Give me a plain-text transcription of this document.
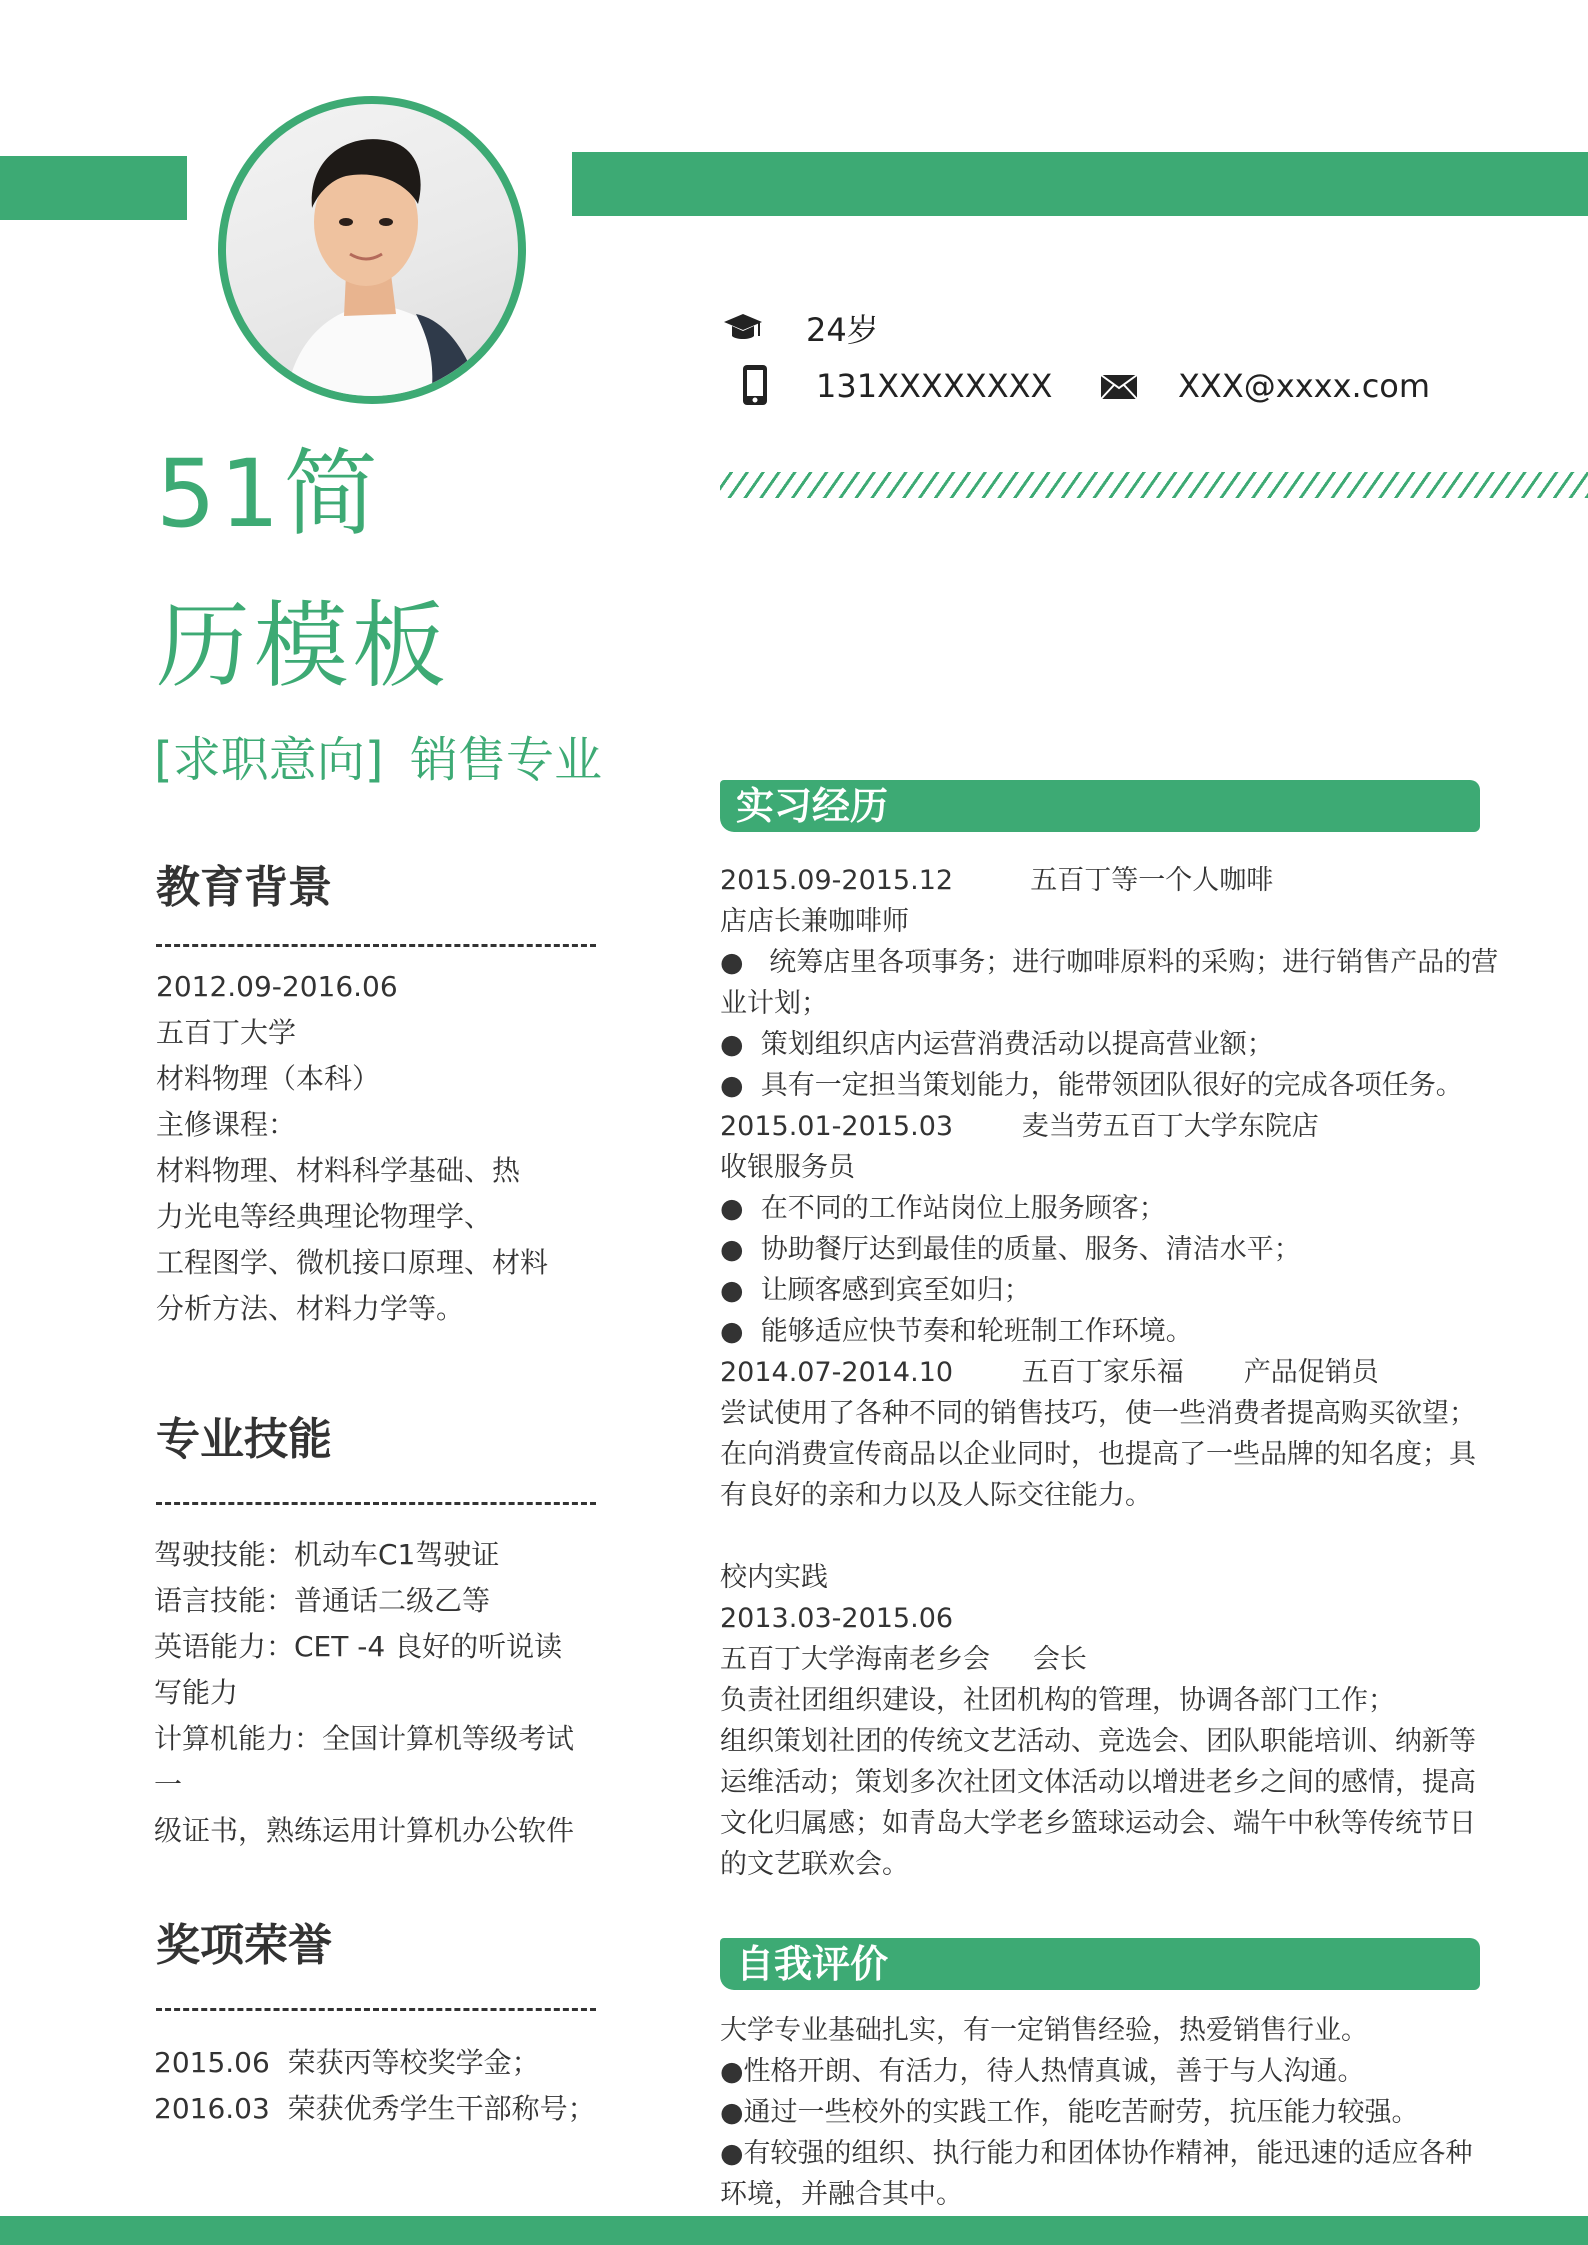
24岁
131XXXXXXXX	XXX@xxxx.com
51简
历模板
[求职意向] 销售专业
教育背景
2012.09-2016.06
五百丁大学
材料物理（本科）
主修课程：
材料物理、材料科学基础、热
力光电等经典理论物理学、
工程图学、微机接口原理、材料
分析方法、材料力学等。
专业技能
驾驶技能：机动车C1驾驶证
语言技能：普通话二级乙等
英语能力：CET -4 良好的听说读
写能力
计算机能力：全国计算机等级考试一
级证书，熟练运用计算机办公软件
奖项荣誉
2015.06  荣获丙等校奖学金；
2016.03  荣获优秀学生干部称号；
实习经历
2015.09-2015.12         五百丁等一个人咖啡
店店长兼咖啡师
●   统筹店里各项事务；进行咖啡原料的采购；进行销售产品的营
业计划；
●  策划组织店内运营消费活动以提高营业额；
●  具有一定担当策划能力，能带领团队很好的完成各项任务。
2015.01-2015.03        麦当劳五百丁大学东院店
收银服务员
●  在不同的工作站岗位上服务顾客；
●  协助餐厅达到最佳的质量、服务、清洁水平；
●  让顾客感到宾至如归；
●  能够适应快节奏和轮班制工作环境。
2014.07-2014.10        五百丁家乐福       产品促销员
尝试使用了各种不同的销售技巧，使一些消费者提高购买欲望；
在向消费宣传商品以企业同时，也提高了一些品牌的知名度；具
有良好的亲和力以及人际交往能力。
校内实践
2013.03-2015.06
五百丁大学海南老乡会     会长
负责社团组织建设，社团机构的管理，协调各部门工作；
组织策划社团的传统文艺活动、竞选会、团队职能培训、纳新等
运维活动；策划多次社团文体活动以增进老乡之间的感情，提高
文化归属感；如青岛大学老乡篮球运动会、端午中秋等传统节日
的文艺联欢会。
自我评价
大学专业基础扎实，有一定销售经验，热爱销售行业。
●性格开朗、有活力，待人热情真诚，善于与人沟通。
●通过一些校外的实践工作，能吃苦耐劳，抗压能力较强。
●有较强的组织、执行能力和团体协作精神，能迅速的适应各种
环境，并融合其中。
